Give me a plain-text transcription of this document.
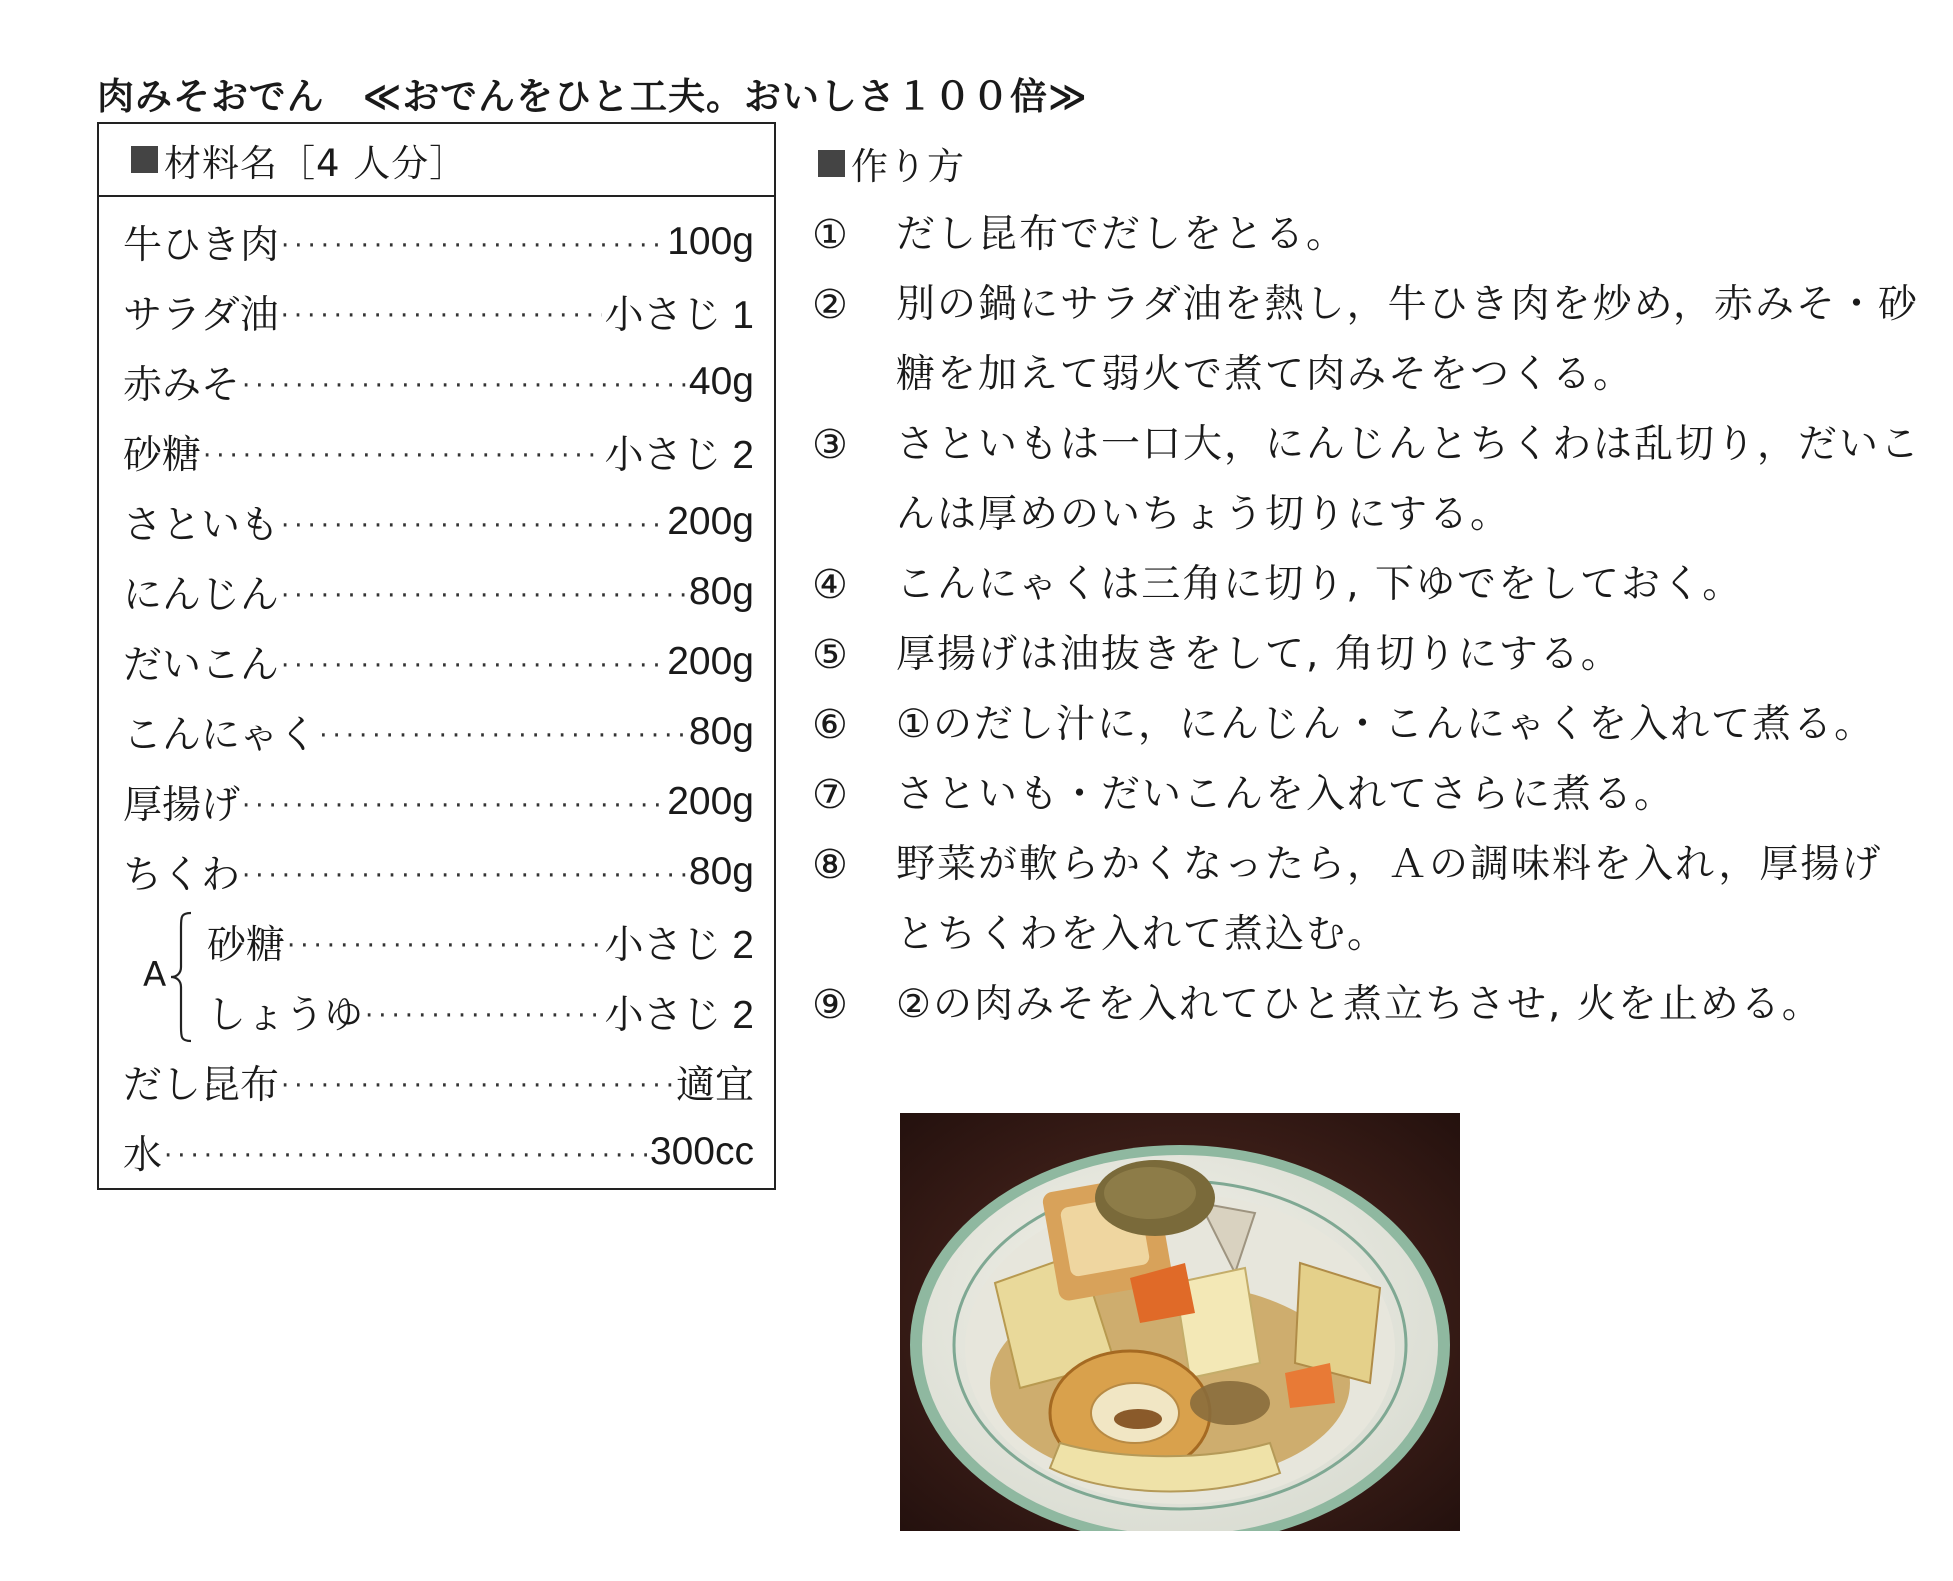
肉みそおでん ≪おでんをひと工夫。おいしさ１００倍≫
材料名［4 人分］
牛ひき肉 ·····	100g
サラダ油 ·····	小さじ 1
赤みそ ·····	40g
砂糖 ·····	小さじ 2
さといも ·····	200g
にんじん ·····	80g
だいこん ·····	200g
こんにゃく ·····	80g
厚揚げ ·····	200g
ちくわ ·····	80g
A
砂糖 ·····	小さじ 2
しょうゆ ·····	小さじ 2
だし昆布 ·····	適宜
水 ·····	300cc
作り方
①	だし昆布でだしをとる。
②	別の鍋にサラダ油を熱し，牛ひき肉を炒め，赤みそ・砂糖を加えて弱火で煮て肉みそをつくる。
③	さといもは一口大，にんじんとちくわは乱切り，だいこんは厚めのいちょう切りにする。
④	こんにゃくは三角に切り, 下ゆでをしておく。
⑤	厚揚げは油抜きをして, 角切りにする。
⑥	①のだし汁に，にんじん・こんにゃくを入れて煮る。
⑦	さといも・だいこんを入れてさらに煮る。
⑧	野菜が軟らかくなったら，Ａの調味料を入れ，厚揚げとちくわを入れて煮込む。
⑨	②の肉みそを入れてひと煮立ちさせ, 火を止める。
